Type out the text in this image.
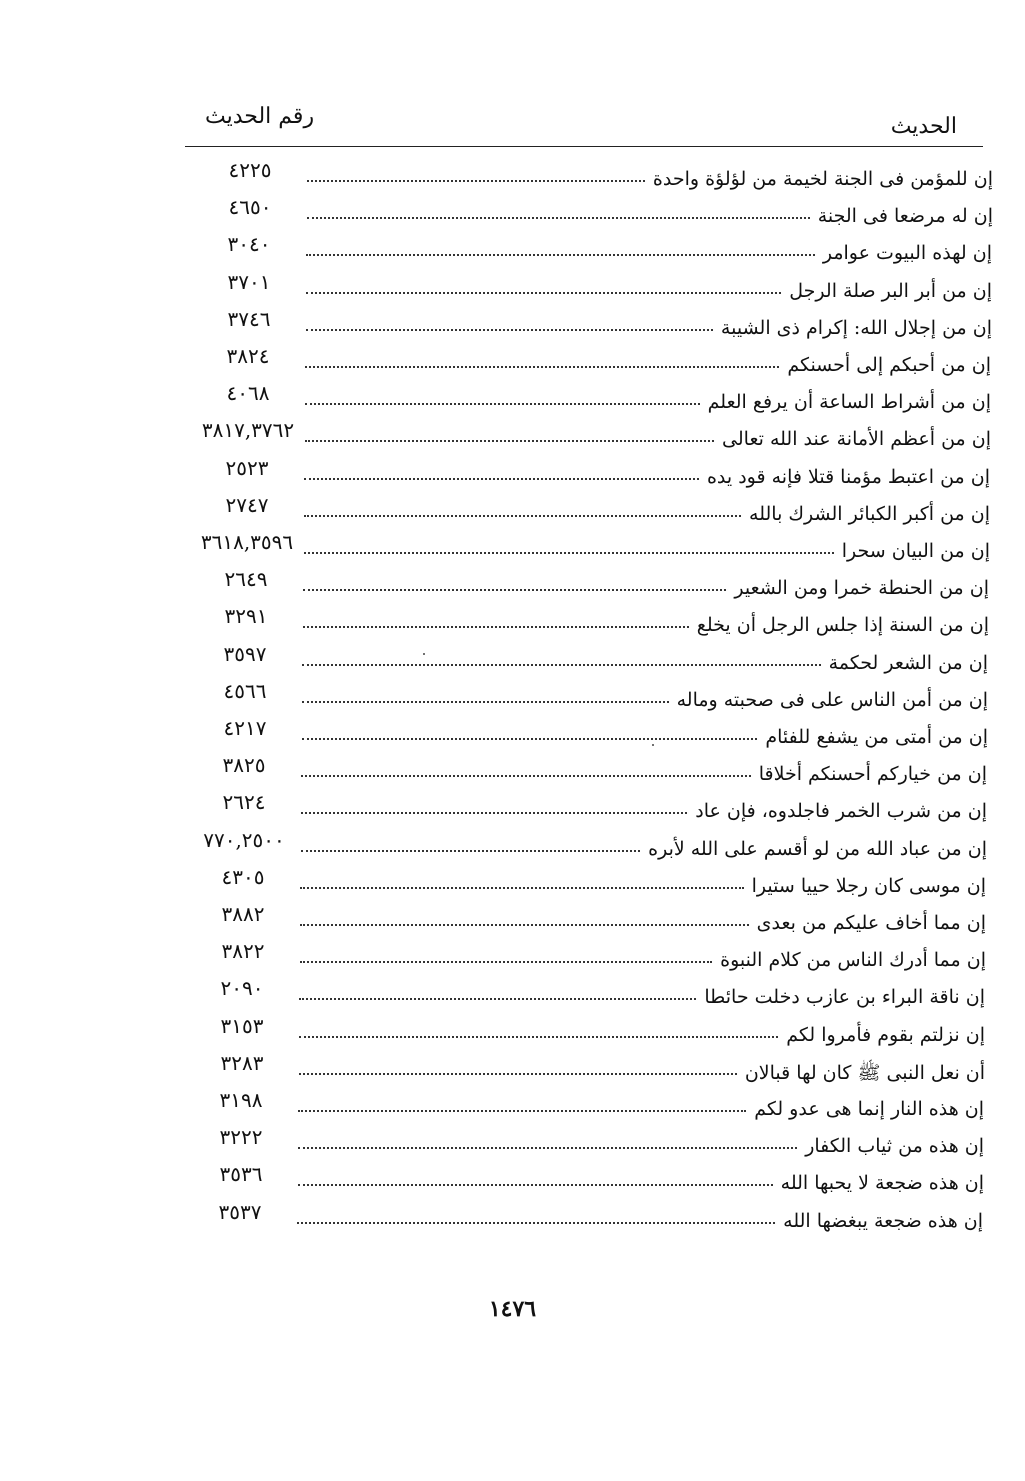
رقم الحديث	الحديث
٤٢٢٥	إن للمؤمن فى الجنة لخيمة من لؤلؤة واحدة
٤٦٥٠	إن له مرضعا فى الجنة
٣٠٤٠	إن لهذه البيوت عوامر
٣٧٠١	إن من أبر البر صلة الرجل
٣٧٤٦	إن من إجلال الله: إكرام ذى الشيبة
٣٨٢٤	إن من أحبكم إلى أحسنكم
٤٠٦٨	إن من أشراط الساعة أن يرفع العلم
٣٨١٧,٣٧٦٢	إن من أعظم الأمانة عند الله تعالى
٢٥٢٣	إن من اعتبط مؤمنا قتلا فإنه قود يده
٢٧٤٧	إن من أكبر الكبائر الشرك بالله
٣٦١٨,٣٥٩٦	إن من البيان سحرا
٢٦٤٩	إن من الحنطة خمرا ومن الشعير
٣٢٩١	إن من السنة إذا جلس الرجل أن يخلع
٣٥٩٧	إن من الشعر لحكمة
٤٥٦٦	إن من أمن الناس على فى صحبته وماله
٤٢١٧	إن من أمتى من يشفع للفئام
٣٨٢٥	إن من خياركم أحسنكم أخلاقا
٢٦٢٤	إن من شرب الخمر فاجلدوه، فإن عاد
٧٧٠,٢٥٠٠	إن من عباد الله من لو أقسم على الله لأبره
٤٣٠٥	إن موسى كان رجلا حييا ستيرا
٣٨٨٢	إن مما أخاف عليكم من بعدى
٣٨٢٢	إن مما أدرك الناس من كلام النبوة
٢٠٩٠	إن ناقة البراء بن عازب دخلت حائطا
٣١٥٣	إن نزلتم بقوم فأمروا لكم
٣٢٨٣	أن نعل النبى ﷺ كان لها قبالان
٣١٩٨	إن هذه النار إنما هى عدو لكم
٣٢٢٢	إن هذه من ثياب الكفار
٣٥٣٦	إن هذه ضجعة لا يحبها الله
٣٥٣٧	إن هذه ضجعة يبغضها الله
١٤٧٦
